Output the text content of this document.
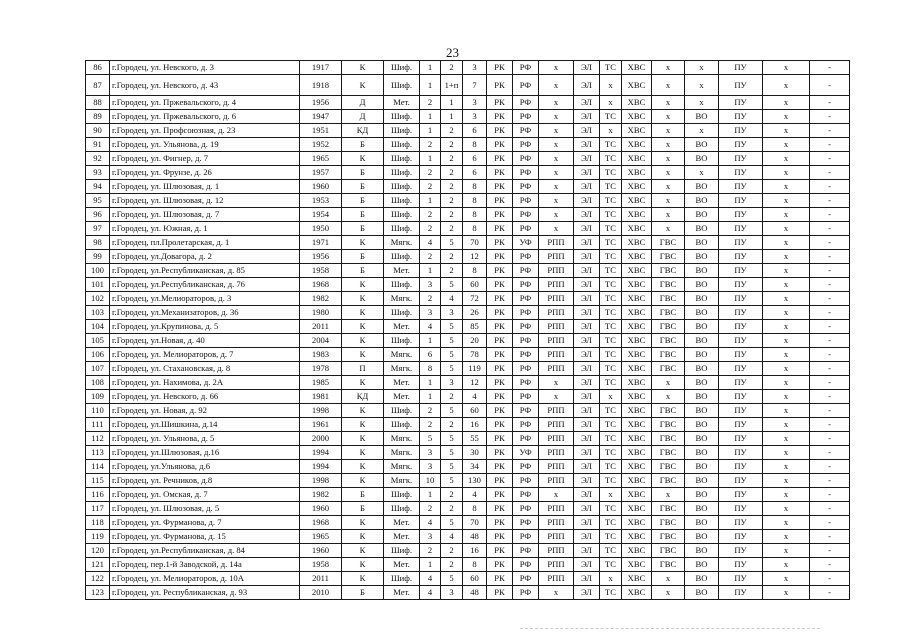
23
86	г.Городец, ул. Невского, д. 3	1917	К	Шиф.	1	2	3	РК	РФ	х	ЭЛ	ТС	ХВС	х	х	ПУ	х	-
87	г.Городец, ул. Невского, д. 43	1918	К	Шиф.	1	1+п	7	РК	РФ	х	ЭЛ	х	ХВС	х	х	ПУ	х	-
88	г.Городец, ул. Пржевальского, д. 4	1956	Д	Мет.	2	1	3	РК	РФ	х	ЭЛ	х	ХВС	х	х	ПУ	х	-
89	г.Городец, ул. Пржевальского, д. 6	1947	Д	Шиф.	1	1	3	РК	РФ	х	ЭЛ	ТС	ХВС	х	ВО	ПУ	х	-
90	г.Городец, ул. Профсоюзная, д. 23	1951	КД	Шиф.	1	2	6	РК	РФ	х	ЭЛ	х	ХВС	х	х	ПУ	х	-
91	г.Городец, ул. Ульянова, д. 19	1952	Б	Шиф.	2	2	8	РК	РФ	х	ЭЛ	ТС	ХВС	х	ВО	ПУ	х	-
92	г.Городец, ул. Фигнер, д. 7	1965	К	Шиф.	1	2	6	РК	РФ	х	ЭЛ	ТС	ХВС	х	ВО	ПУ	х	-
93	г.Городец, ул. Фрунзе, д. 26	1957	Б	Шиф.	2	2	6	РК	РФ	х	ЭЛ	ТС	ХВС	х	х	ПУ	х	-
94	г.Городец, ул. Шлюзовая, д. 1	1960	Б	Шиф.	2	2	8	РК	РФ	х	ЭЛ	ТС	ХВС	х	ВО	ПУ	х	-
95	г.Городец, ул. Шлюзовая, д. 12	1953	Б	Шиф.	1	2	8	РК	РФ	х	ЭЛ	ТС	ХВС	х	ВО	ПУ	х	-
96	г.Городец, ул. Шлюзовая, д. 7	1954	Б	Шиф.	2	2	8	РК	РФ	х	ЭЛ	ТС	ХВС	х	ВО	ПУ	х	-
97	г.Городец, ул. Южная, д. 1	1950	Б	Шиф.	2	2	8	РК	РФ	х	ЭЛ	ТС	ХВС	х	ВО	ПУ	х	-
98	г.Городец, пл.Пролетарская, д. 1	1971	К	Мягк.	4	5	70	РК	УФ	РПП	ЭЛ	ТС	ХВС	ГВС	ВО	ПУ	х	-
99	г.Городец, ул.Довагора, д. 2	1956	Б	Шиф.	2	2	12	РК	РФ	РПП	ЭЛ	ТС	ХВС	ГВС	ВО	ПУ	х	-
100	г.Городец, ул.Республиканская, д. 85	1958	Б	Мет.	1	2	8	РК	РФ	РПП	ЭЛ	ТС	ХВС	ГВС	ВО	ПУ	х	-
101	г.Городец, ул.Республиканская, д. 76	1968	К	Шиф.	3	5	60	РК	РФ	РПП	ЭЛ	ТС	ХВС	ГВС	ВО	ПУ	х	-
102	г.Городец, ул.Мелиораторов, д. 3	1982	К	Мягк.	2	4	72	РК	РФ	РПП	ЭЛ	ТС	ХВС	ГВС	ВО	ПУ	х	-
103	г.Городец, ул.Механизаторов, д. 36	1980	К	Шиф.	3	3	26	РК	РФ	РПП	ЭЛ	ТС	ХВС	ГВС	ВО	ПУ	х	-
104	г.Городец, ул.Крупинова, д. 5	2011	К	Мет.	4	5	85	РК	РФ	РПП	ЭЛ	ТС	ХВС	ГВС	ВО	ПУ	х	-
105	г.Городец, ул.Новая, д. 40	2004	К	Шиф.	1	5	20	РК	РФ	РПП	ЭЛ	ТС	ХВС	ГВС	ВО	ПУ	х	-
106	г.Городец, ул. Мелиораторов, д. 7	1983	К	Мягк.	6	5	78	РК	РФ	РПП	ЭЛ	ТС	ХВС	ГВС	ВО	ПУ	х	-
107	г.Городец, ул. Стахановская, д. 8	1978	П	Мягк.	8	5	119	РК	РФ	РПП	ЭЛ	ТС	ХВС	ГВС	ВО	ПУ	х	-
108	г.Городец, ул. Нахимова, д. 2А	1985	К	Мет.	1	3	12	РК	РФ	х	ЭЛ	ТС	ХВС	х	ВО	ПУ	х	-
109	г.Городец, ул. Невского, д. 66	1981	КД	Мет.	1	2	4	РК	РФ	х	ЭЛ	х	ХВС	х	ВО	ПУ	х	-
110	г.Городец, ул. Новая, д. 92	1998	К	Шиф.	2	5	60	РК	РФ	РПП	ЭЛ	ТС	ХВС	ГВС	ВО	ПУ	х	-
111	г.Городец, ул.Шишкина, д.14	1961	К	Шиф.	2	2	16	РК	РФ	РПП	ЭЛ	ТС	ХВС	ГВС	ВО	ПУ	х	-
112	г.Городец, ул. Ульянова, д. 5	2000	К	Мягк.	5	5	55	РК	РФ	РПП	ЭЛ	ТС	ХВС	ГВС	ВО	ПУ	х	-
113	г.Городец, ул.Шлюзовая, д.16	1994	К	Мягк.	3	5	30	РК	УФ	РПП	ЭЛ	ТС	ХВС	ГВС	ВО	ПУ	х	-
114	г.Городец, ул.Ульянова, д.6	1994	К	Мягк.	3	5	34	РК	РФ	РПП	ЭЛ	ТС	ХВС	ГВС	ВО	ПУ	х	-
115	г.Городец, ул. Речников, д.8	1998	К	Мягк.	10	5	130	РК	РФ	РПП	ЭЛ	ТС	ХВС	ГВС	ВО	ПУ	х	-
116	г.Городец, ул. Омская, д. 7	1982	Б	Шиф.	1	2	4	РК	РФ	х	ЭЛ	х	ХВС	х	ВО	ПУ	х	-
117	г.Городец, ул. Шлюзовая, д. 5	1960	Б	Шиф.	2	2	8	РК	РФ	РПП	ЭЛ	ТС	ХВС	ГВС	ВО	ПУ	х	-
118	г.Городец, ул. Фурманова, д. 7	1968	К	Мет.	4	5	70	РК	РФ	РПП	ЭЛ	ТС	ХВС	ГВС	ВО	ПУ	х	-
119	г.Городец, ул. Фурманова, д. 15	1965	К	Мет.	3	4	48	РК	РФ	РПП	ЭЛ	ТС	ХВС	ГВС	ВО	ПУ	х	-
120	г.Городец, ул.Республиканская, д. 84	1960	К	Шиф.	2	2	16	РК	РФ	РПП	ЭЛ	ТС	ХВС	ГВС	ВО	ПУ	х	-
121	г.Городец, пер.1-й Заводской, д. 14а	1958	К	Мет.	1	2	8	РК	РФ	РПП	ЭЛ	ТС	ХВС	ГВС	ВО	ПУ	х	-
122	г.Городец, ул. Мелиораторов, д. 10А	2011	К	Шиф.	4	5	60	РК	РФ	РПП	ЭЛ	х	ХВС	х	ВО	ПУ	х	-
123	г.Городец, ул. Республиканская, д. 93	2010	Б	Мет.	4	3	48	РК	РФ	х	ЭЛ	ТС	ХВС	х	ВО	ПУ	х	-
